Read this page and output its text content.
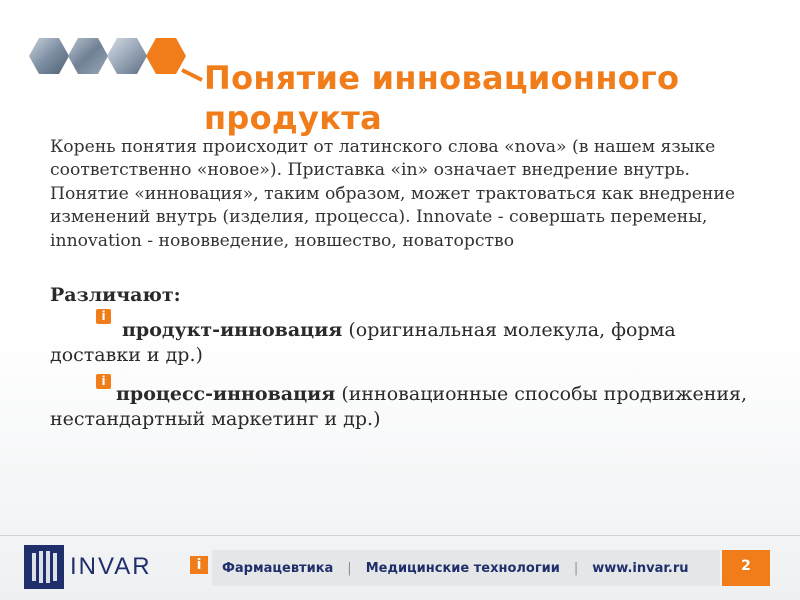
Понятие инновационного продукта

Корень понятия происходит от латинского слова «nova» (в нашем языке соответственно «новое»). Приставка «in» означает внедрение внутрь. Понятие «инновация», таким образом, может трактоваться как внедрение изменений внутрь (изделия, процесса). Innovate - совершать перемены, innovation - нововведение, новшество, новаторство

Различают:
i
продукт-инновация (оригинальная молекула, форма доставки и др.)
i
процесс-инновация (инновационные способы продвижения, нестандартный маркетинг и др.)
INVAR	i	Фармацевтика | Медицинские технологии | www.invar.ru	2
